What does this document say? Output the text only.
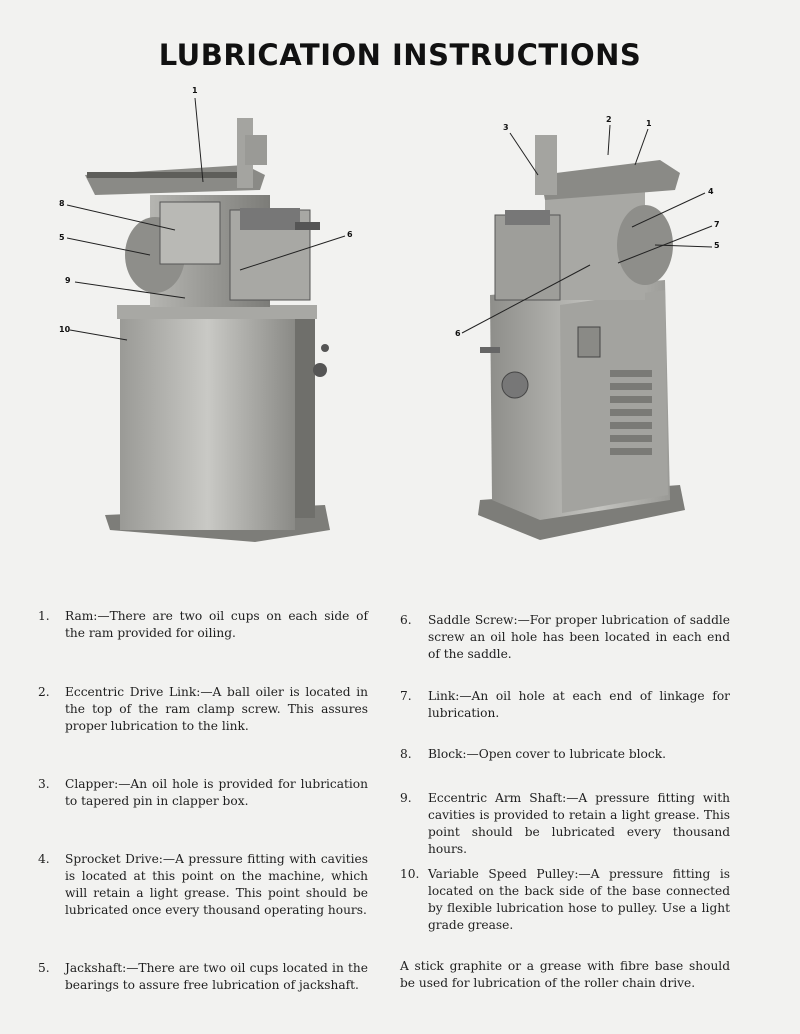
LUBRICATION INSTRUCTIONS
1
8
5	6
9
10
3
2	1
4
7
5
6
1. Ram:—There are two oil cups on each side of the ram provided for oiling.
2. Eccentric Drive Link:—A ball oiler is located in the top of the ram clamp screw. This assures proper lubrication to the link.
3. Clapper:—An oil hole is provided for lubrication to tapered pin in clapper box.
4. Sprocket Drive:—A pressure fitting with cavities is located at this point on the machine, which will retain a light grease. This point should be lubricated once every thousand operating hours.
5. Jackshaft:—There are two oil cups located in the bearings to assure free lubrication of jackshaft.
6. Saddle Screw:—For proper lubrication of saddle screw an oil hole has been located in each end of the saddle.
7. Link:—An oil hole at each end of linkage for lubrication.
8. Block:—Open cover to lubricate block.
9. Eccentric Arm Shaft:—A pressure fitting with cavities is provided to retain a light grease. This point should be lubricated every thousand hours.
10. Variable Speed Pulley:—A pressure fitting is located on the back side of the base connected by flexible lubrication hose to pulley. Use a light grade grease.
A stick graphite or a grease with fibre base should be used for lubrication of the roller chain drive.
